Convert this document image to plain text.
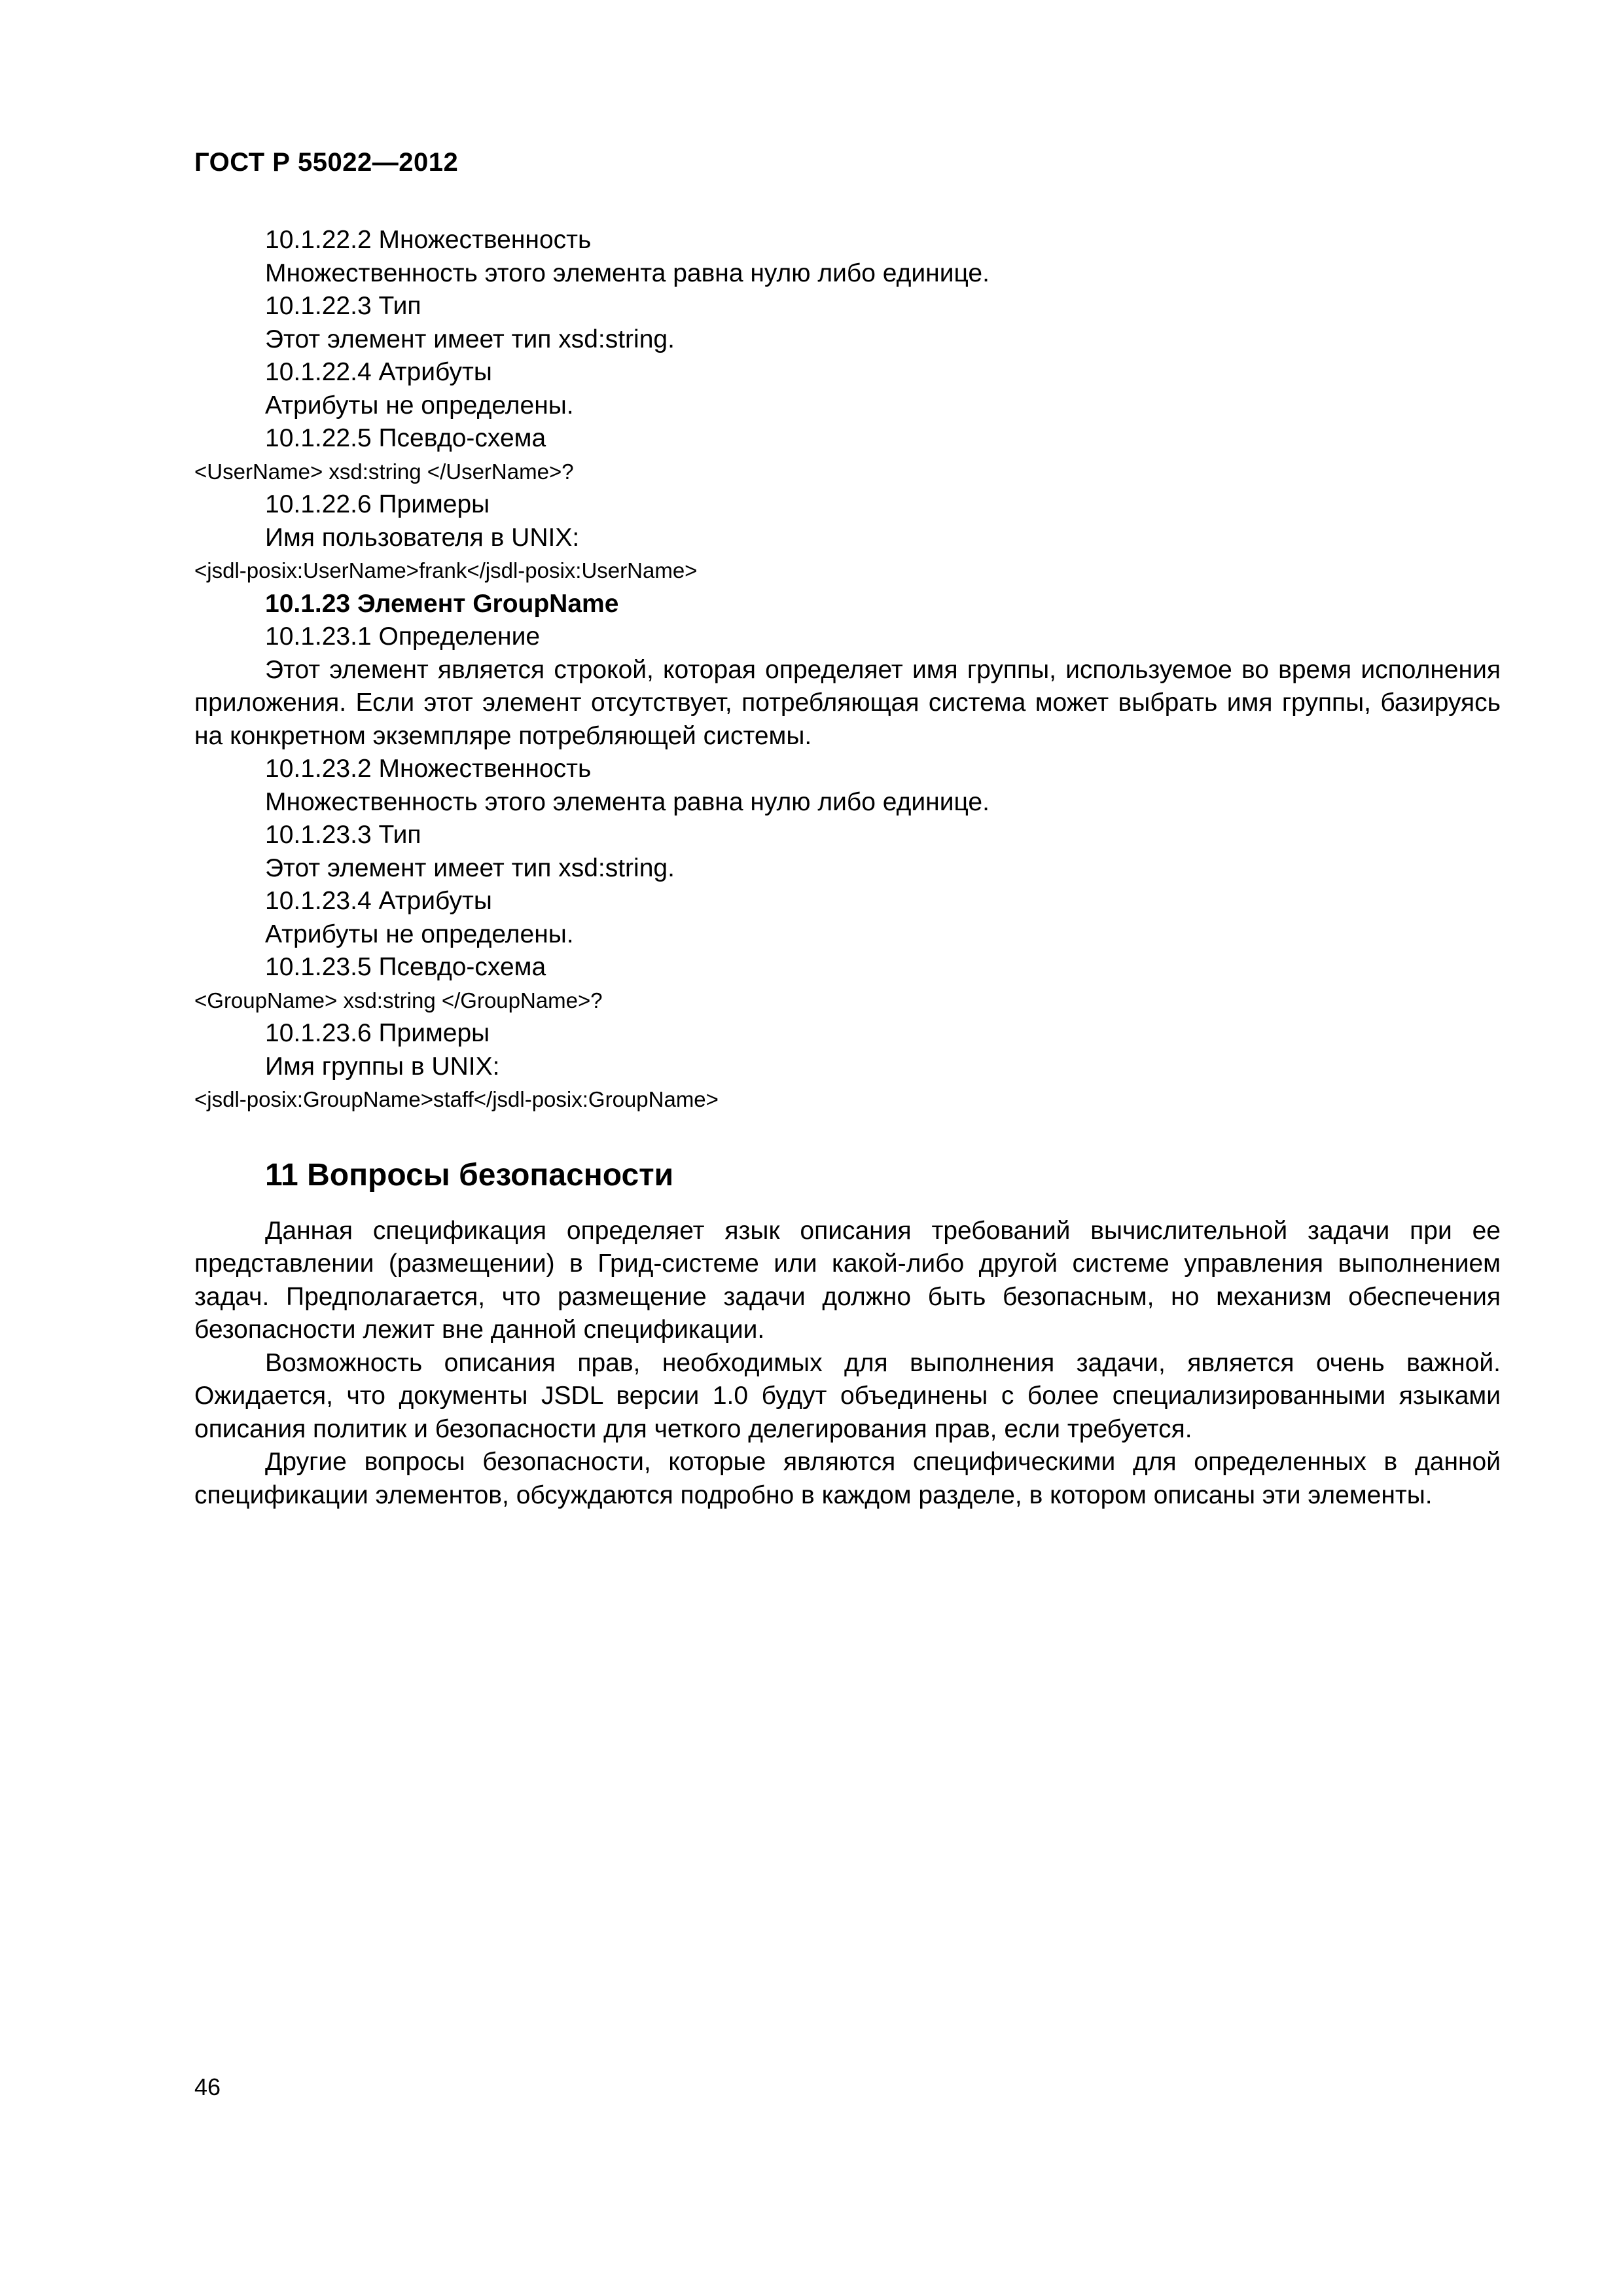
ГОСТ Р 55022—2012

10.1.22.2 Множественность

Множественность этого элемента равна нулю либо единице.

10.1.22.3 Тип

Этот элемент имеет тип xsd:string.

10.1.22.4 Атрибуты

Атрибуты не определены.

10.1.22.5 Псевдо-схема

<UserName> xsd:string </UserName>?

10.1.22.6 Примеры

Имя пользователя в UNIX:

<jsdl-posix:UserName>frank</jsdl-posix:UserName>

10.1.23 Элемент GroupName

10.1.23.1 Определение

Этот элемент является строкой, которая определяет имя группы, используемое во время исполнения приложения. Если этот элемент отсутствует, потребляющая система может выбрать имя группы, базируясь на конкретном экземпляре потребляющей системы.

10.1.23.2 Множественность

Множественность этого элемента равна нулю либо единице.

10.1.23.3 Тип

Этот элемент имеет тип xsd:string.

10.1.23.4 Атрибуты

Атрибуты не определены.

10.1.23.5 Псевдо-схема

<GroupName> xsd:string </GroupName>?

10.1.23.6 Примеры

Имя группы в UNIX:

<jsdl-posix:GroupName>staff</jsdl-posix:GroupName>

11 Вопросы безопасности

Данная спецификация определяет язык описания требований вычислительной задачи при ее представлении (размещении) в Грид-системе или какой-либо другой системе управления выполнением задач. Предполагается, что размещение задачи должно быть безопасным, но механизм обеспечения безопасности лежит вне данной спецификации.

Возможность описания прав, необходимых для выполнения задачи, является очень важной. Ожидается, что документы JSDL версии 1.0 будут объединены с более специализированными языками описания политик и безопасности для четкого делегирования прав, если требуется.

Другие вопросы безопасности, которые являются специфическими для определенных в данной спецификации элементов, обсуждаются подробно в каждом разделе, в котором описаны эти элементы.

46
